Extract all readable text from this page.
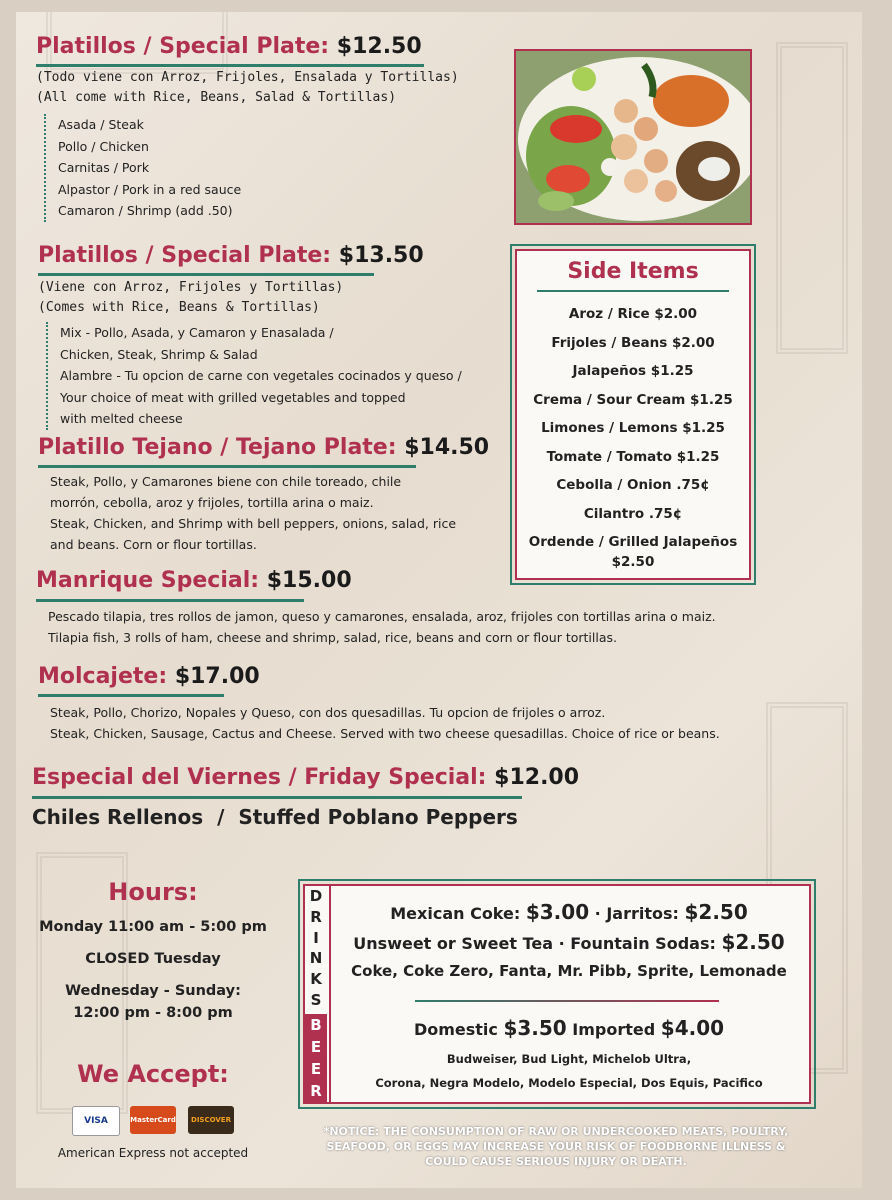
Platillos / Special Plate: $12.50
(Todo viene con Arroz, Frijoles, Ensalada y Tortillas)
(All come with Rice, Beans, Salad & Tortillas)
Asada / Steak
Pollo / Chicken
Carnitas / Pork
Alpastor / Pork in a red sauce
Camaron / Shrimp (add .50)
Platillos / Special Plate: $13.50
(Viene con Arroz, Frijoles y Tortillas)
(Comes with Rice, Beans & Tortillas)
Mix - Pollo, Asada, y Camaron y Enasalada /
Chicken, Steak, Shrimp & Salad
Alambre - Tu opcion de carne con vegetales cocinados y queso /
Your choice of meat with grilled vegetables and topped
with melted cheese
Platillo Tejano / Tejano Plate: $14.50
Steak, Pollo, y Camarones biene con chile toreado, chile
morrón, cebolla, aroz y frijoles, tortilla arina o maiz.
Steak, Chicken, and Shrimp with bell peppers, onions, salad, rice
and beans. Corn or flour tortillas.
Manrique Special: $15.00
Pescado tilapia, tres rollos de jamon, queso y camarones, ensalada, aroz, frijoles con tortillas arina o maiz.
Tilapia fish, 3 rolls of ham, cheese and shrimp, salad, rice, beans and corn or flour tortillas.
Molcajete: $17.00
Steak, Pollo, Chorizo, Nopales y Queso, con dos quesadillas. Tu opcion de frijoles o arroz.
Steak, Chicken, Sausage, Cactus and Cheese. Served with two cheese quesadillas. Choice of rice or beans.
Especial del Viernes / Friday Special: $12.00
Chiles Rellenos  /  Stuffed Poblano Peppers
Side Items
Aroz / Rice $2.00
Frijoles / Beans $2.00
Jalapeños $1.25
Crema / Sour Cream $1.25
Limones / Lemons $1.25
Tomate / Tomato $1.25
Cebolla / Onion .75¢
Cilantro .75¢
Ordende / Grilled Jalapeños
$2.50
Hours:
Monday 11:00 am - 5:00 pm
CLOSED Tuesday
Wednesday - Sunday:
12:00 pm - 8:00 pm
We Accept:
VISA	MasterCard	DISCOVER
American Express not accepted
D
R
I
N
K
S
B
E
E
R
Mexican Coke: $3.00 · Jarritos: $2.50
Unsweet or Sweet Tea · Fountain Sodas: $2.50
Coke, Coke Zero, Fanta, Mr. Pibb, Sprite, Lemonade
Domestic $3.50 Imported $4.00
Budweiser, Bud Light, Michelob Ultra,
Corona, Negra Modelo, Modelo Especial, Dos Equis, Pacifico
*NOTICE: THE CONSUMPTION OF RAW OR UNDERCOOKED MEATS, POULTRY, SEAFOOD, OR EGGS MAY INCREASE YOUR RISK OF FOODBORNE ILLNESS & COULD CAUSE SERIOUS INJURY OR DEATH.
